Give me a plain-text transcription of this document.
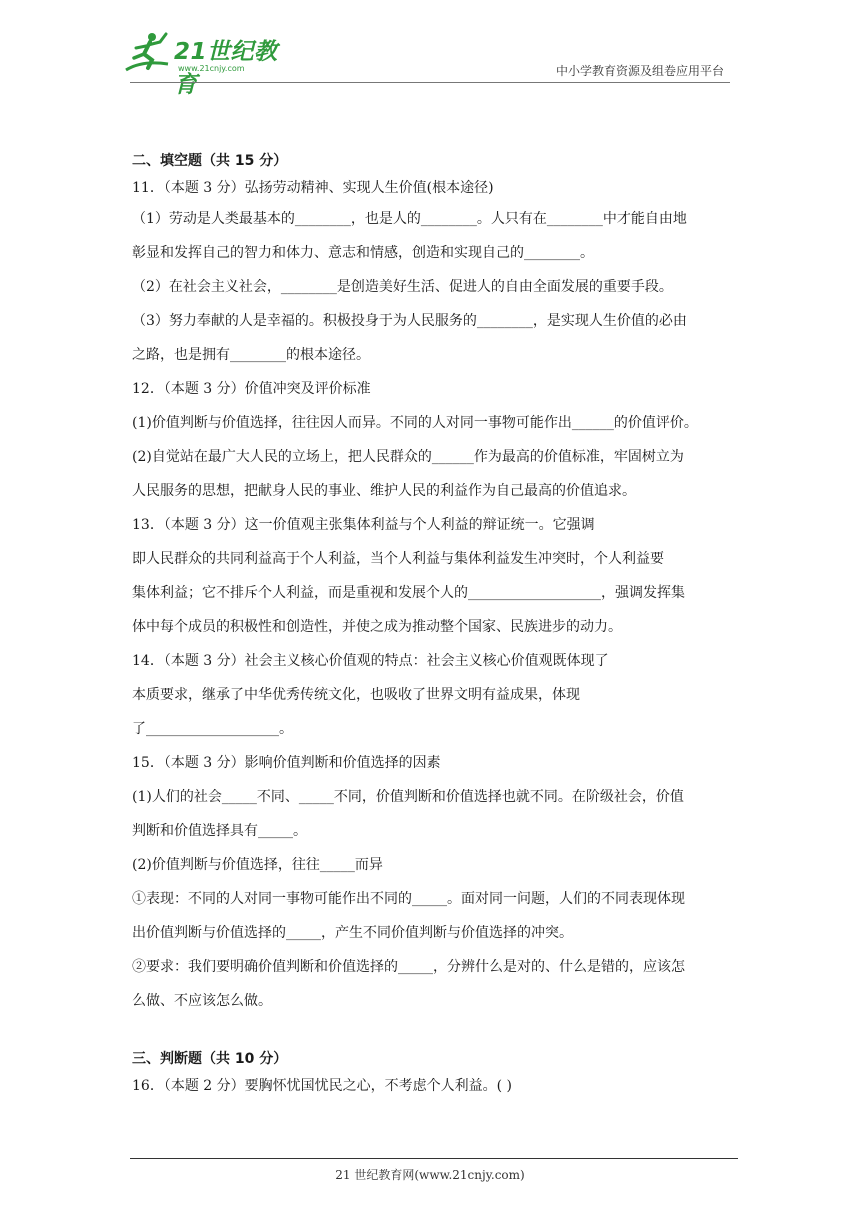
21世纪教育
www.21cnjy.com	中小学教育资源及组卷应用平台
二、填空题（共 15 分）
11．（本题 3 分）弘扬劳动精神、实现人生价值(根本途径)
（1）劳动是人类最基本的________，也是人的________。人只有在________中才能自由地
彰显和发挥自己的智力和体力、意志和情感，创造和实现自己的________。
（2）在社会主义社会，________是创造美好生活、促进人的自由全面发展的重要手段。
（3）努力奉献的人是幸福的。积极投身于为人民服务的________，是实现人生价值的必由
之路，也是拥有________的根本途径。
12．（本题 3 分）价值冲突及评价标准
(1)价值判断与价值选择，往往因人而异。不同的人对同一事物可能作出______的价值评价。
(2)自觉站在最广大人民的立场上，把人民群众的______作为最高的价值标准，牢固树立为
人民服务的思想，把献身人民的事业、维护人民的利益作为自己最高的价值追求。
13．（本题 3 分）这一价值观主张集体利益与个人利益的辩证统一。它强调
即人民群众的共同利益高于个人利益，当个人利益与集体利益发生冲突时，个人利益要
集体利益；它不排斥个人利益，而是重视和发展个人的___________________，强调发挥集
体中每个成员的积极性和创造性，并使之成为推动整个国家、民族进步的动力。
14．（本题 3 分）社会主义核心价值观的特点：社会主义核心价值观既体现了
本质要求，继承了中华优秀传统文化，也吸收了世界文明有益成果，体现
了___________________。
15．（本题 3 分）影响价值判断和价值选择的因素
(1)人们的社会_____不同、_____不同，价值判断和价值选择也就不同。在阶级社会，价值
判断和价值选择具有_____。
(2)价值判断与价值选择，往往_____而异
①表现：不同的人对同一事物可能作出不同的_____。面对同一问题，人们的不同表现体现
出价值判断与价值选择的_____，产生不同价值判断与价值选择的冲突。
②要求：我们要明确价值判断和价值选择的_____，分辨什么是对的、什么是错的，应该怎
么做、不应该怎么做。
三、判断题（共 10 分）
16．（本题 2 分）要胸怀忧国忧民之心，不考虑个人利益。( )
21 世纪教育网(www.21cnjy.com)
